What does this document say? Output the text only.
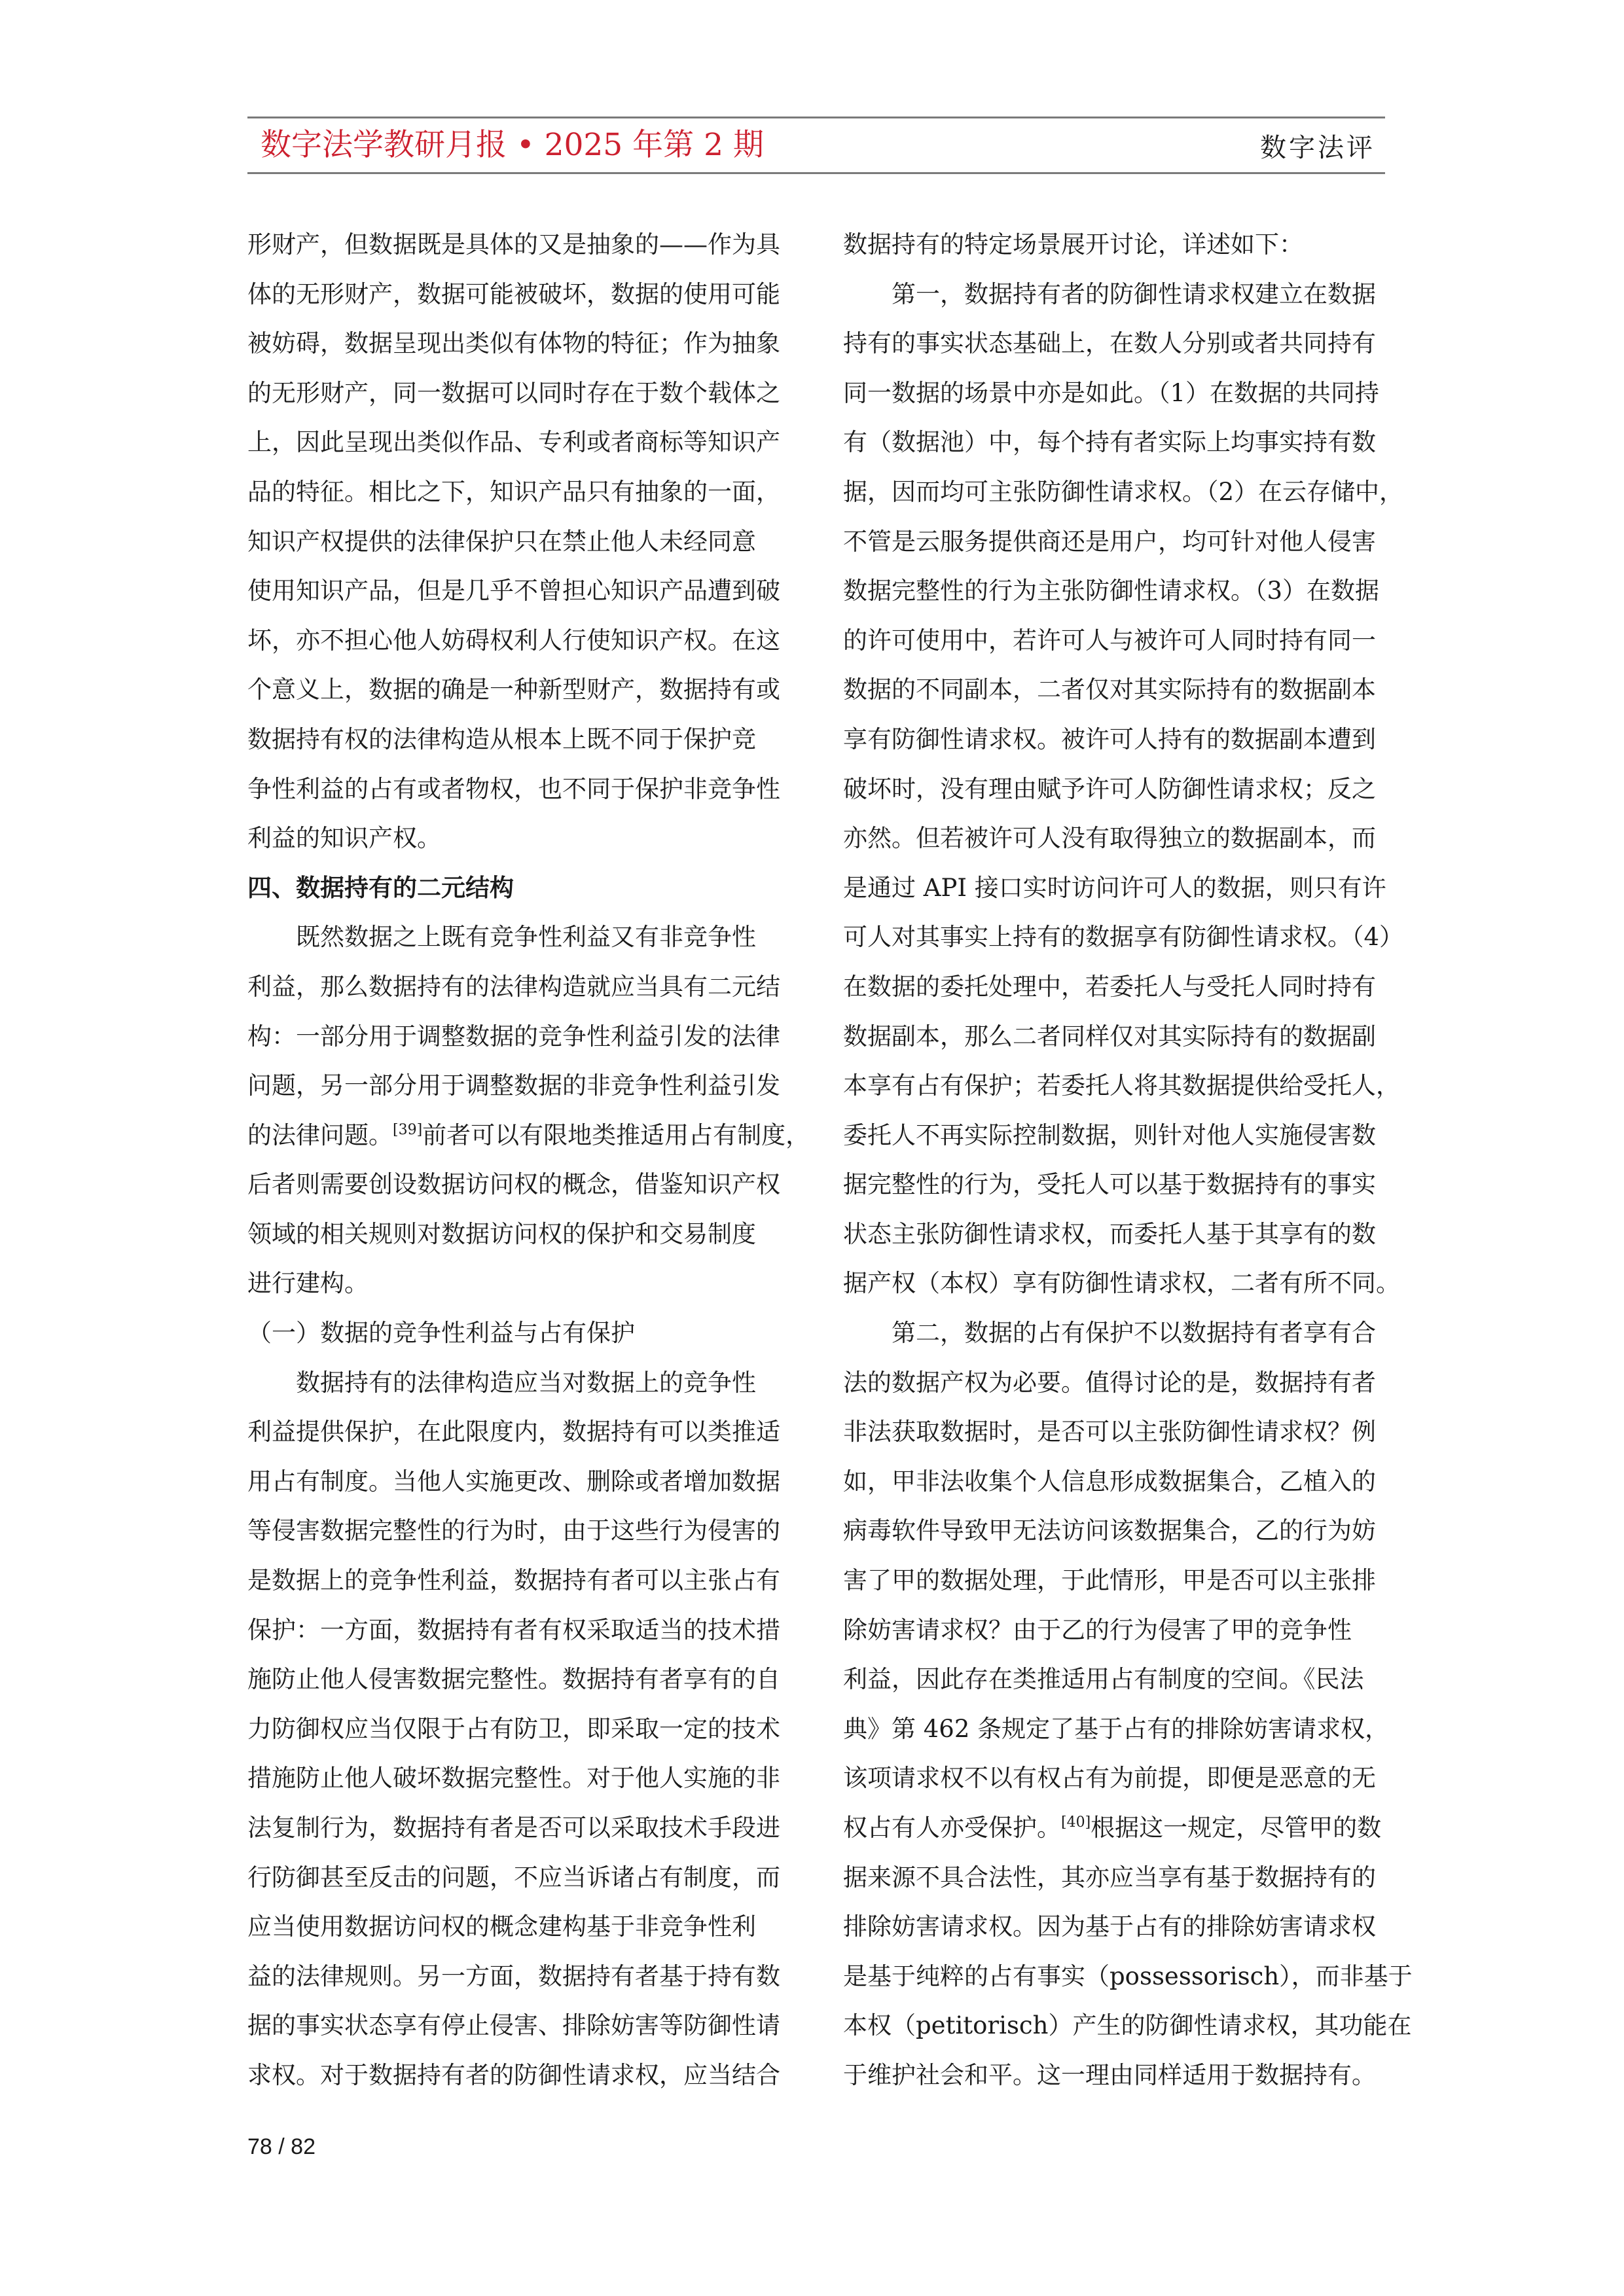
数字法学教研月报 • 2025 年第 2 期	数字法评

形财产，但数据既是具体的又是抽象的——作为具

体的无形财产，数据可能被破坏，数据的使用可能

被妨碍，数据呈现出类似有体物的特征；作为抽象

的无形财产，同一数据可以同时存在于数个载体之

上，因此呈现出类似作品、专利或者商标等知识产

品的特征。相比之下，知识产品只有抽象的一面，

知识产权提供的法律保护只在禁止他人未经同意

使用知识产品，但是几乎不曾担心知识产品遭到破

坏，亦不担心他人妨碍权利人行使知识产权。在这

个意义上，数据的确是一种新型财产，数据持有或

数据持有权的法律构造从根本上既不同于保护竞

争性利益的占有或者物权，也不同于保护非竞争性

利益的知识产权。

四、数据持有的二元结构

　　既然数据之上既有竞争性利益又有非竞争性

利益，那么数据持有的法律构造就应当具有二元结

构：一部分用于调整数据的竞争性利益引发的法律

问题，另一部分用于调整数据的非竞争性利益引发

的法律问题。[39]前者可以有限地类推适用占有制度，

后者则需要创设数据访问权的概念，借鉴知识产权

领域的相关规则对数据访问权的保护和交易制度

进行建构。

（一）数据的竞争性利益与占有保护

　　数据持有的法律构造应当对数据上的竞争性

利益提供保护，在此限度内，数据持有可以类推适

用占有制度。当他人实施更改、删除或者增加数据

等侵害数据完整性的行为时，由于这些行为侵害的

是数据上的竞争性利益，数据持有者可以主张占有

保护：一方面，数据持有者有权采取适当的技术措

施防止他人侵害数据完整性。数据持有者享有的自

力防御权应当仅限于占有防卫，即采取一定的技术

措施防止他人破坏数据完整性。对于他人实施的非

法复制行为，数据持有者是否可以采取技术手段进

行防御甚至反击的问题，不应当诉诸占有制度，而

应当使用数据访问权的概念建构基于非竞争性利

益的法律规则。另一方面，数据持有者基于持有数

据的事实状态享有停止侵害、排除妨害等防御性请

求权。对于数据持有者的防御性请求权，应当结合

数据持有的特定场景展开讨论，详述如下：

　　第一，数据持有者的防御性请求权建立在数据

持有的事实状态基础上，在数人分别或者共同持有

同一数据的场景中亦是如此。（1）在数据的共同持

有（数据池）中，每个持有者实际上均事实持有数

据，因而均可主张防御性请求权。（2）在云存储中，

不管是云服务提供商还是用户，均可针对他人侵害

数据完整性的行为主张防御性请求权。（3）在数据

的许可使用中，若许可人与被许可人同时持有同一

数据的不同副本，二者仅对其实际持有的数据副本

享有防御性请求权。被许可人持有的数据副本遭到

破坏时，没有理由赋予许可人防御性请求权；反之

亦然。但若被许可人没有取得独立的数据副本，而

是通过 API 接口实时访问许可人的数据，则只有许

可人对其事实上持有的数据享有防御性请求权。（4）

在数据的委托处理中，若委托人与受托人同时持有

数据副本，那么二者同样仅对其实际持有的数据副

本享有占有保护；若委托人将其数据提供给受托人，

委托人不再实际控制数据，则针对他人实施侵害数

据完整性的行为，受托人可以基于数据持有的事实

状态主张防御性请求权，而委托人基于其享有的数

据产权（本权）享有防御性请求权，二者有所不同。

　　第二，数据的占有保护不以数据持有者享有合

法的数据产权为必要。值得讨论的是，数据持有者

非法获取数据时，是否可以主张防御性请求权？例

如，甲非法收集个人信息形成数据集合，乙植入的

病毒软件导致甲无法访问该数据集合，乙的行为妨

害了甲的数据处理，于此情形，甲是否可以主张排

除妨害请求权？由于乙的行为侵害了甲的竞争性

利益，因此存在类推适用占有制度的空间。《民法

典》第 462 条规定了基于占有的排除妨害请求权，

该项请求权不以有权占有为前提，即便是恶意的无

权占有人亦受保护。[40]根据这一规定，尽管甲的数

据来源不具合法性，其亦应当享有基于数据持有的

排除妨害请求权。因为基于占有的排除妨害请求权

是基于纯粹的占有事实（possessorisch），而非基于

本权（petitorisch）产生的防御性请求权，其功能在

于维护社会和平。这一理由同样适用于数据持有。

78 / 82
